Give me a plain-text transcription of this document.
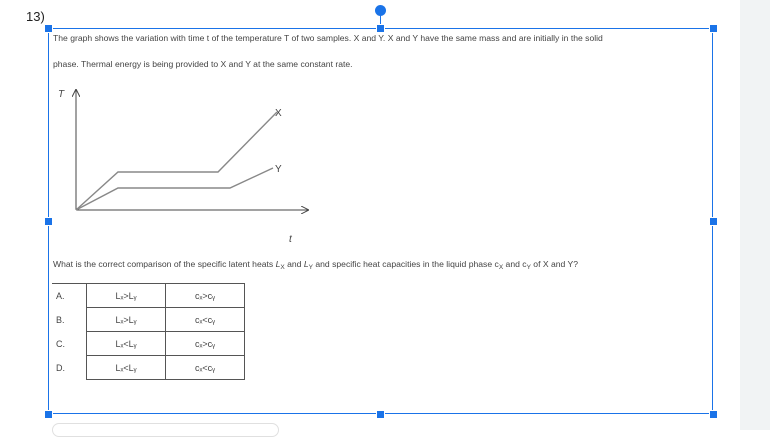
13)
The graph shows the variation with time t of the temperature T of two samples. X and Y. X and Y have the same mass and are initially in the solid
phase. Thermal energy is being provided to X and Y at the same constant rate.
T
t
X
Y
What is the correct comparison of the specific latent heats $L_X$ and $L_Y$ and specific heat capacities in the liquid phase $c_X$ and $c_Y$ of X and Y?
A.	Lₓ>Lᵧ	cₓ>cᵧ
B.	Lₓ>Lᵧ	cₓ<cᵧ
C.	Lₓ<Lᵧ	cₓ>cᵧ
D.	Lₓ<Lᵧ	cₓ<cᵧ
